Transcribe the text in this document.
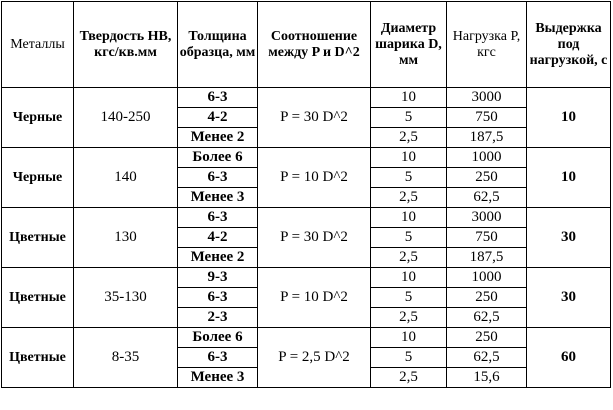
Металлы	Твердость HB, кгс/кв.мм	Толщина образца, мм	Соотношение между P и D^2	Диаметр шарика D, мм	Нагрузка P, кгс	Выдержка под нагрузкой, с
Черные	140-250	6-3	P = 30 D^2	10	3000	10
		4-2		5	750	
		Менее 2		2,5	187,5	
Черные	140	Более 6	P = 10 D^2	10	1000	10
		6-3		5	250	
		Менее 3		2,5	62,5	
Цветные	130	6-3	P = 30 D^2	10	3000	30
		4-2		5	750	
		Менее 2		2,5	187,5	
Цветные	35-130	9-3	P = 10 D^2	10	1000	30
		6-3		5	250	
		2-3		2,5	62,5	
Цветные	8-35	Более 6	P = 2,5 D^2	10	250	60
		6-3		5	62,5	
		Менее 3		2,5	15,6	
